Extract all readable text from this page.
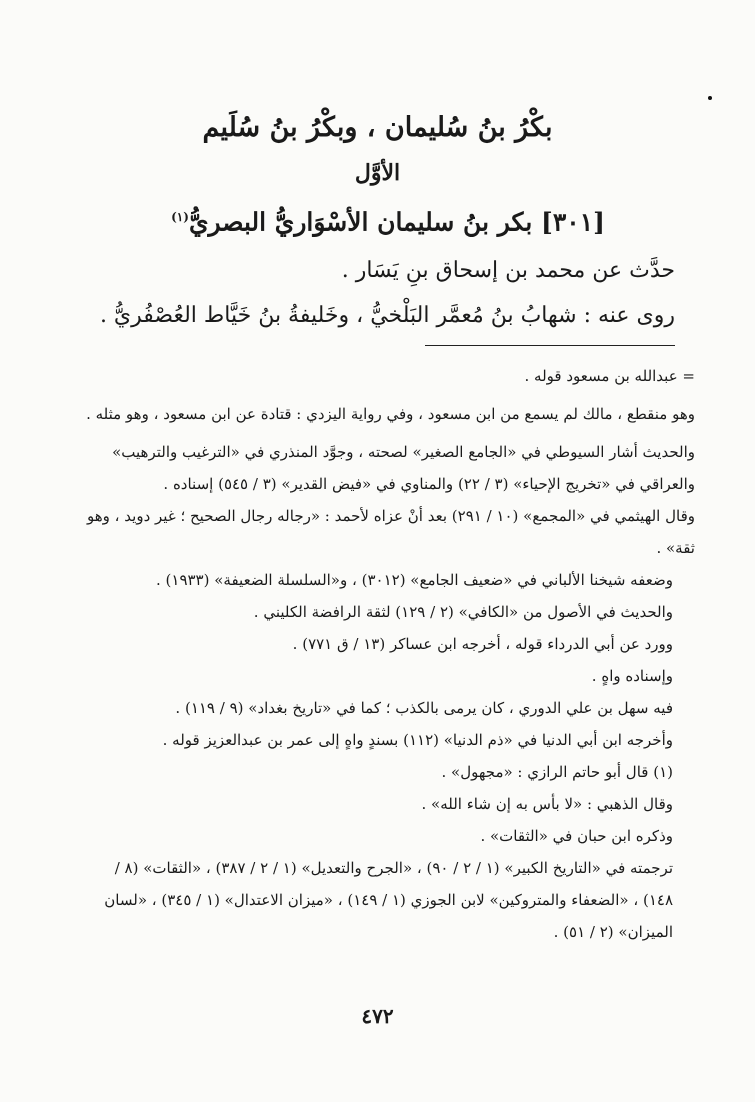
بكْرُ بنُ سُليمان ، وبكْرُ بنُ سُلَيم
الأوَّل
[٣٠١] بكر بنُ سليمان الأسْوَاريُّ البصريُّ$^{(١)}$
حدَّث عن محمد بن إسحاق بنِ يَسَار .
روى عنه : شهابُ بنُ مُعمَّر البَلْخيُّ ، وخَليفةُ بنُ خَيَّاط العُصْفُريُّ .

= عبدالله بن مسعود قوله .

وهو منقطع ، مالك لم يسمع من ابن مسعود ، وفي رواية اليزدي : قتادة عن ابن مسعود ، وهو مثله .

والحديث أشار السيوطي في «الجامع الصغير» لصحته ، وجوَّد المنذري في «الترغيب والترهيب» والعراقي في «تخريج الإحياء» (٣ / ٢٢) والمناوي في «فيض القدير» (٣ / ٥٤٥) إسناده .

وقال الهيثمي في «المجمع» (١٠ / ٢٩١) بعد أنْ عزاه لأحمد : «رجاله رجال الصحيح ؛ غير دويد ، وهو ثقة» .

وضعفه شيخنا الألباني في «ضعيف الجامع» (٣٠١٢) ، و«السلسلة الضعيفة» (١٩٣٣) .

والحديث في الأصول من «الكافي» (٢ / ١٢٩) لثقة الرافضة الكليني .

وورد عن أبي الدرداء قوله ، أخرجه ابن عساكر (١٣ / ق ٧٧١) .

وإسناده واهٍ .

فيه سهل بن علي الدوري ، كان يرمى بالكذب ؛ كما في «تاريخ بغداد» (٩ / ١١٩) .

وأخرجه ابن أبي الدنيا في «ذم الدنيا» (١١٢) بسندٍ واهٍ إلى عمر بن عبدالعزيز قوله .

(١) قال أبو حاتم الرازي : «مجهول» .

وقال الذهبي : «لا بأس به إن شاء الله» .

وذكره ابن حبان في «الثقات» .

ترجمته في «التاريخ الكبير» (١ / ٢ / ٩٠) ، «الجرح والتعديل» (١ / ٢ / ٣٨٧) ، «الثقات» (٨ / ١٤٨) ، «الضعفاء والمتروكين» لابن الجوزي (١ / ١٤٩) ، «ميزان الاعتدال» (١ / ٣٤٥) ، «لسان الميزان» (٢ / ٥١) .

٤٧٢
